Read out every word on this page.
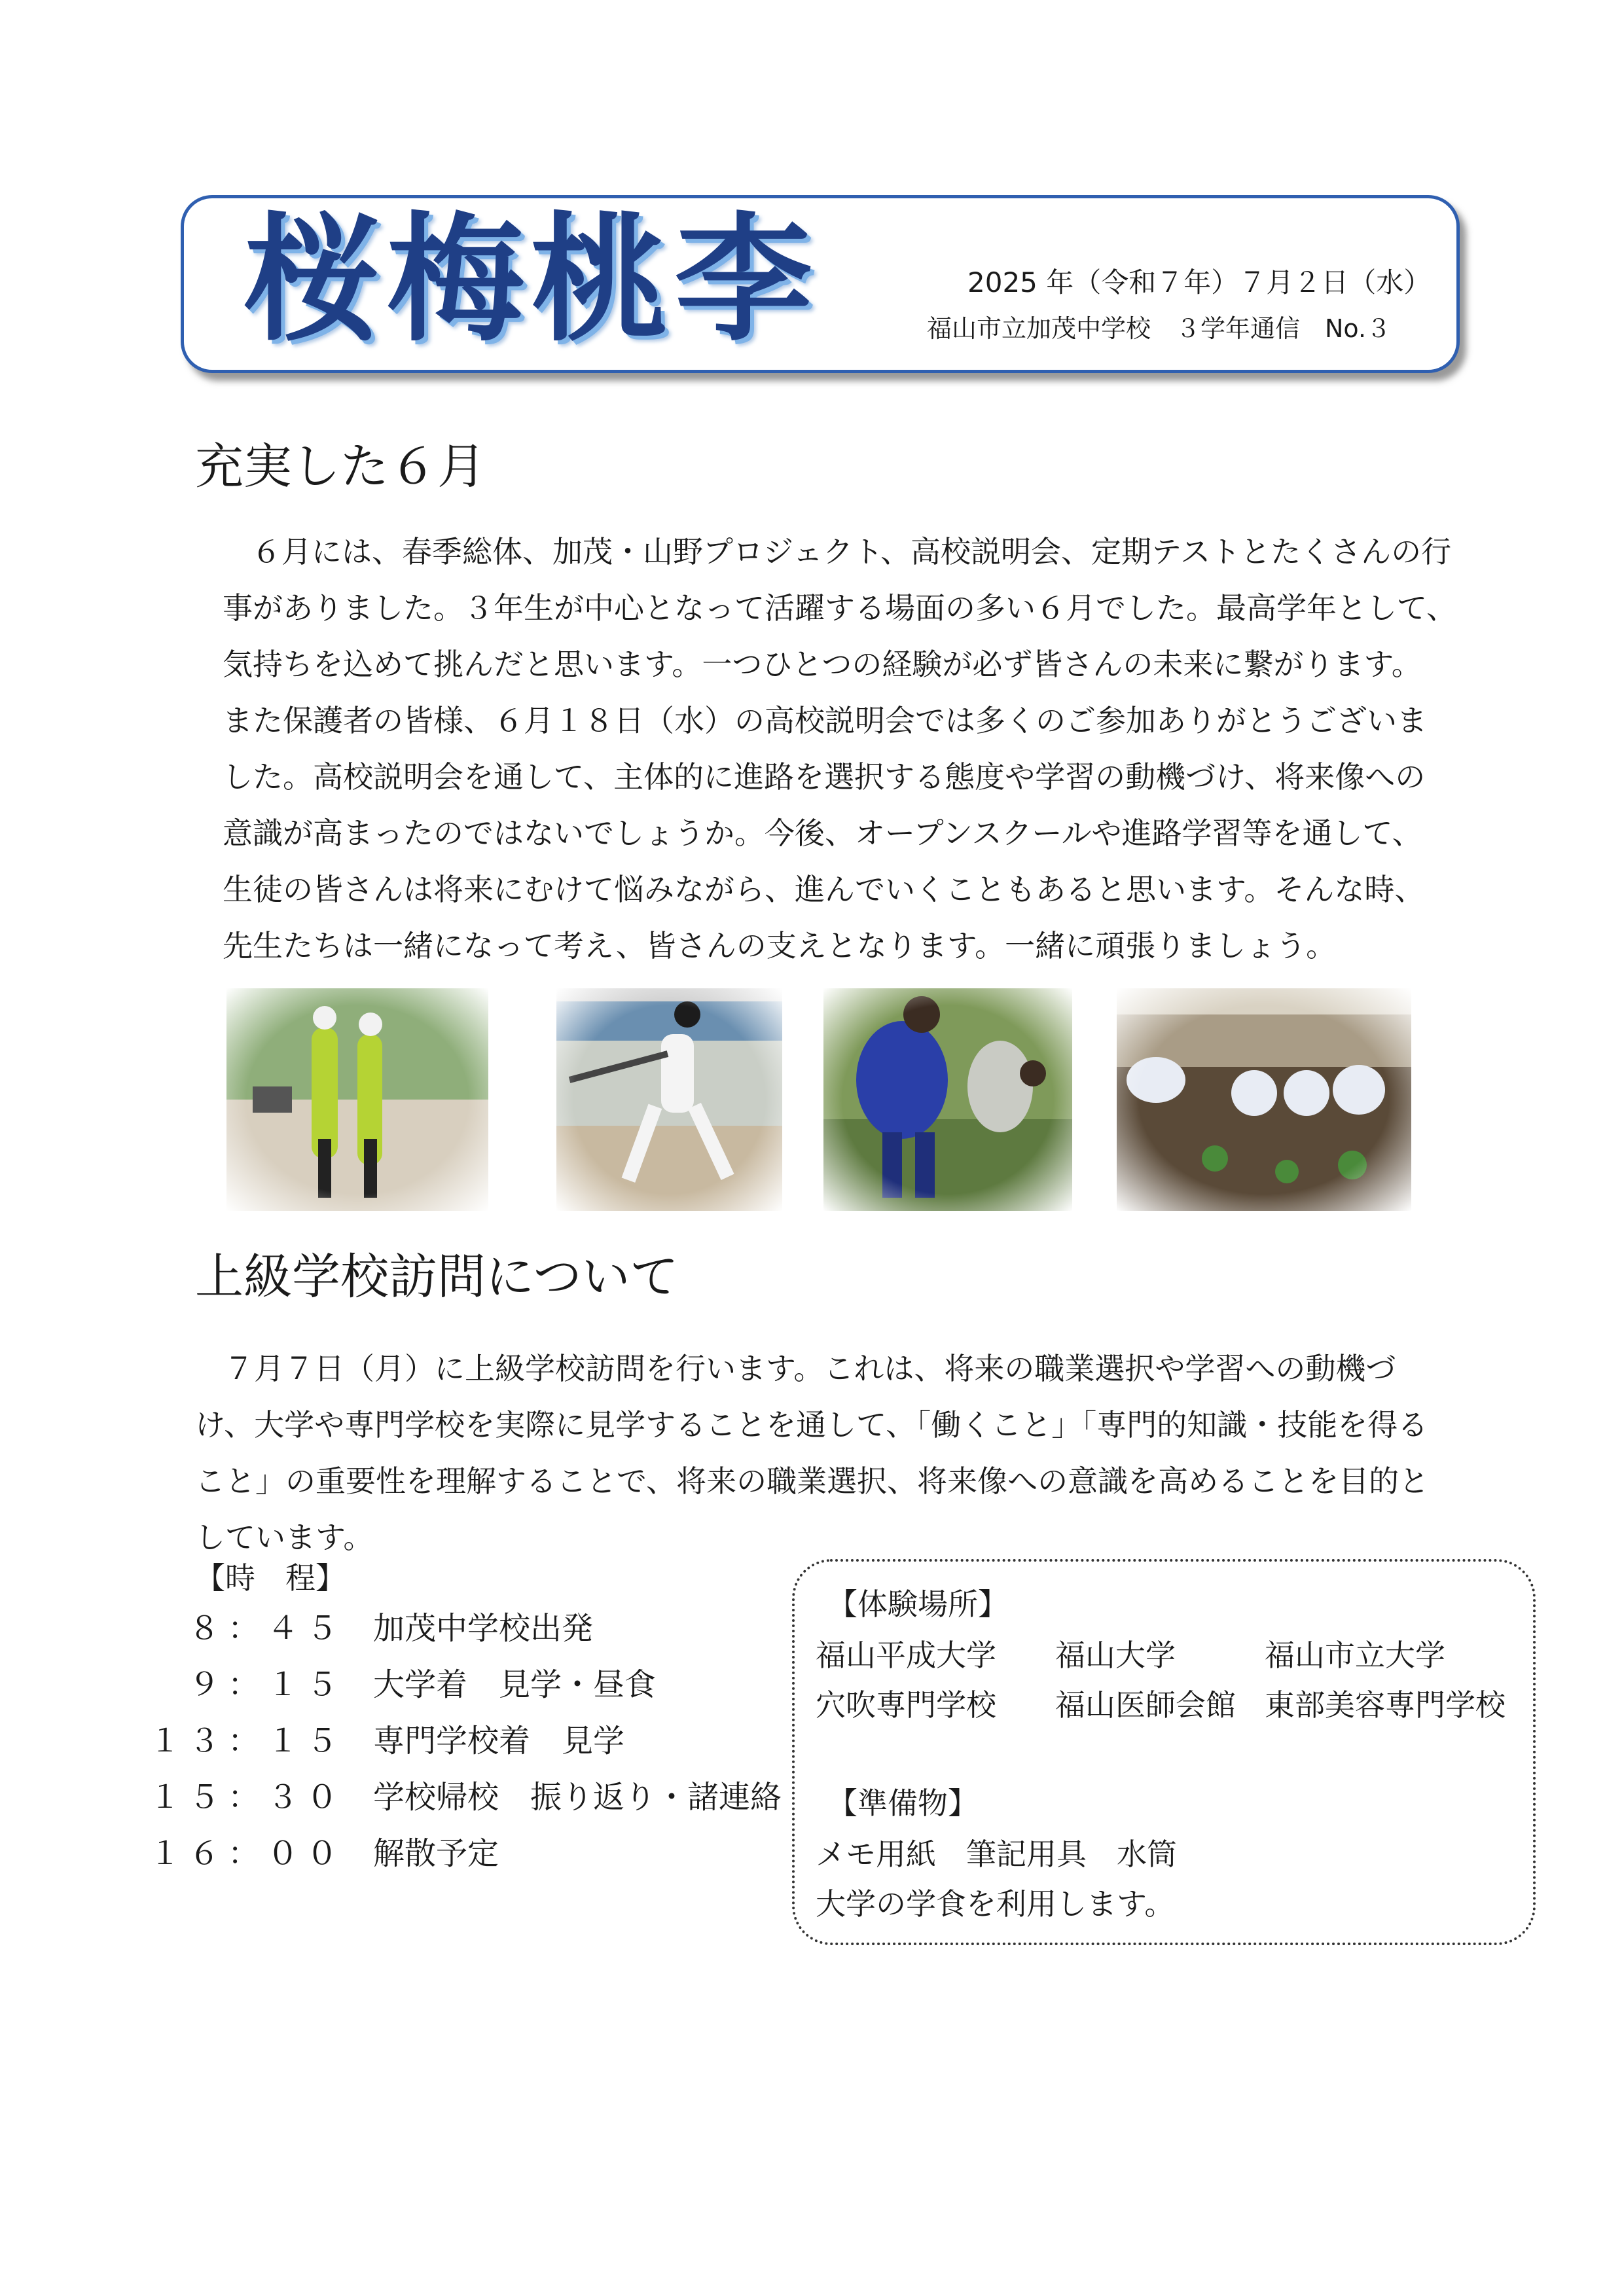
桜梅桃李	2025 年（令和７年）７月２日（水）
福山市立加茂中学校　３学年通信　No.３
充実した６月

６月には、春季総体、加茂・山野プロジェクト、高校説明会、定期テストとたくさんの行

事がありました。３年生が中心となって活躍する場面の多い６月でした。最高学年として、

気持ちを込めて挑んだと思います。一つひとつの経験が必ず皆さんの未来に繋がります。

また保護者の皆様、６月１８日（水）の高校説明会では多くのご参加ありがとうございま

した。高校説明会を通して、主体的に進路を選択する態度や学習の動機づけ、将来像への

意識が高まったのではないでしょうか。今後、オープンスクールや進路学習等を通して、

生徒の皆さんは将来にむけて悩みながら、進んでいくこともあると思います。そんな時、

先生たちは一緒になって考え、皆さんの支えとなります。一緒に頑張りましょう。

上級学校訪問について

７月７日（月）に上級学校訪問を行います。これは、将来の職業選択や学習への動機づ

け、大学や専門学校を実際に見学することを通して、「働くこと」「専門的知識・技能を得る

こと」の重要性を理解することで、将来の職業選択、将来像への意識を高めることを目的と

しています。

【時　程】

８：４５ 加茂中学校出発
９：１５ 大学着　見学・昼食
１３：１５ 専門学校着　見学
１５：３０ 学校帰校　振り返り・諸連絡
１６：００ 解散予定

【体験場所】

福山平成大学 福山大学	福山市立大学
穴吹専門学校 福山医師会館 東部美容専門学校

【準備物】

メモ用紙　筆記用具　水筒
大学の学食を利用します。
